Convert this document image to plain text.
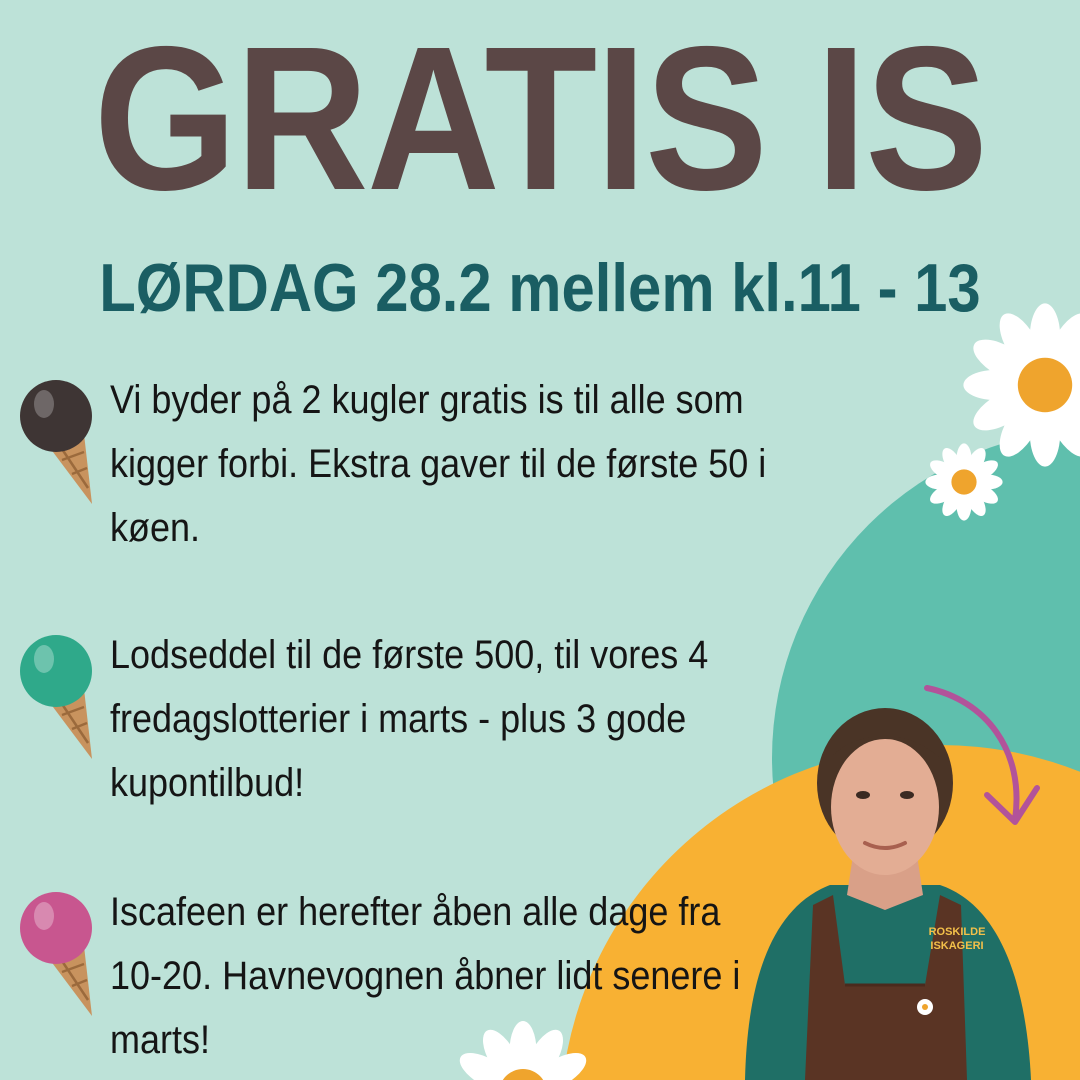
GRATIS IS
LØRDAG 28.2 mellem kl.11 - 13
ROSKILDE
ISKAGERI

Vi byder på 2 kugler gratis is til alle som kigger forbi. Ekstra gaver til de første 50 i køen.

Lodseddel til de første 500, til vores 4 fredagslotterier i marts - plus 3 gode kupontilbud!

Iscafeen er herefter åben alle dage fra 10-20. Havnevognen åbner lidt senere i marts!
